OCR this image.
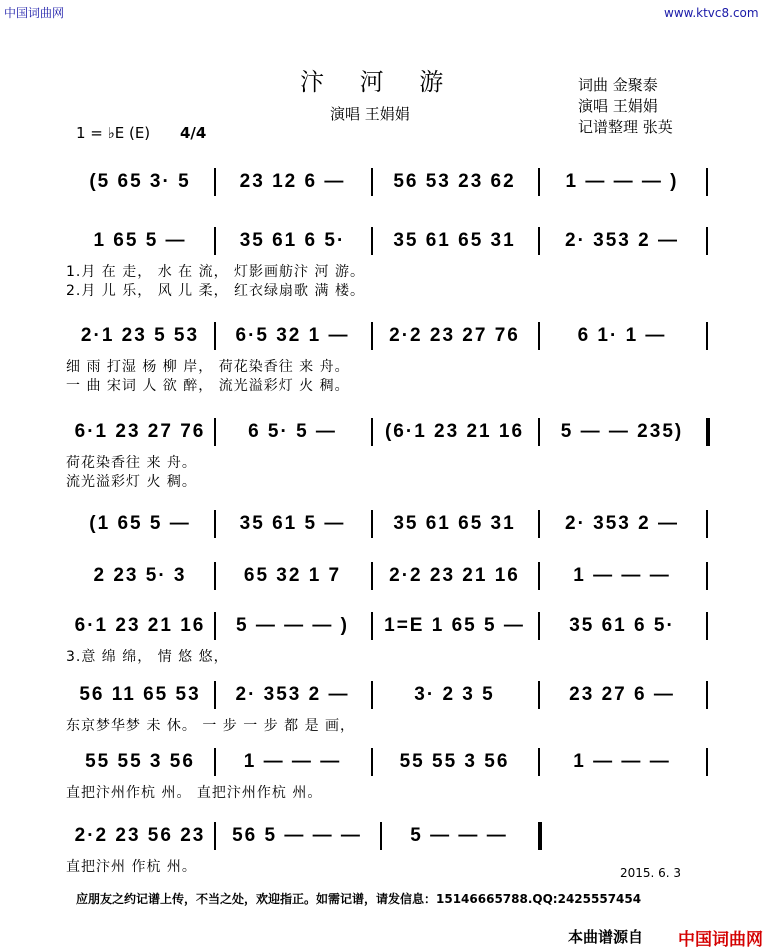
中国词曲网	www.ktvc8.com
汴 河 游
演唱 王娟娟
词曲 金聚泰
演唱 王娟娟
记谱整理 张英
1 = ♭E (E) 4/4
(5 65 3· 5	23 12 6 —	56 53 23 62	1 — — — )
1 65 5 —	35 61 6 5·	35 61 65 31	2· 353 2 —
1.月 在 走， 水 在 流， 灯影画舫汴 河 游。
2.月 儿 乐， 风 儿 柔， 红衣绿扇歌 满 楼。
2·1 23 5 53	6·5 32 1 —	2·2 23 27 76	6 1· 1 —
细 雨 打湿 杨 柳 岸， 荷花染香往 来 舟。
一 曲 宋词 人 欲 醉， 流光溢彩灯 火 稠。
6·1 23 27 76	6 5· 5 —	(6·1 23 21 16	5 — — 235)
荷花染香往 来 舟。
流光溢彩灯 火 稠。
(1 65 5 —	35 61 5 —	35 61 65 31	2· 353 2 —
2 23 5· 3	65 32 1 7	2·2 23 21 16	1 — — —
6·1 23 21 16	5 — — — )	1=E 1 65 5 —	35 61 6 5·
3.意 绵 绵， 情 悠 悠，
56 11 65 53	2· 353 2 —	3· 2 3 5	23 27 6 —
东京梦华梦 未 休。 一 步 一 步 都 是 画，
55 55 3 56	1 — — —	55 55 3 56	1 — — —
直把汴州作杭 州。 直把汴州作杭 州。
2·2 23 56 23	56 5 — — —	5 — — —
直把汴州 作杭 州。	2015. 6. 3
应朋友之约记谱上传，不当之处，欢迎指正。如需记谱，请发信息：15146665788.QQ:2425557454
本曲谱源自 中国词曲网
